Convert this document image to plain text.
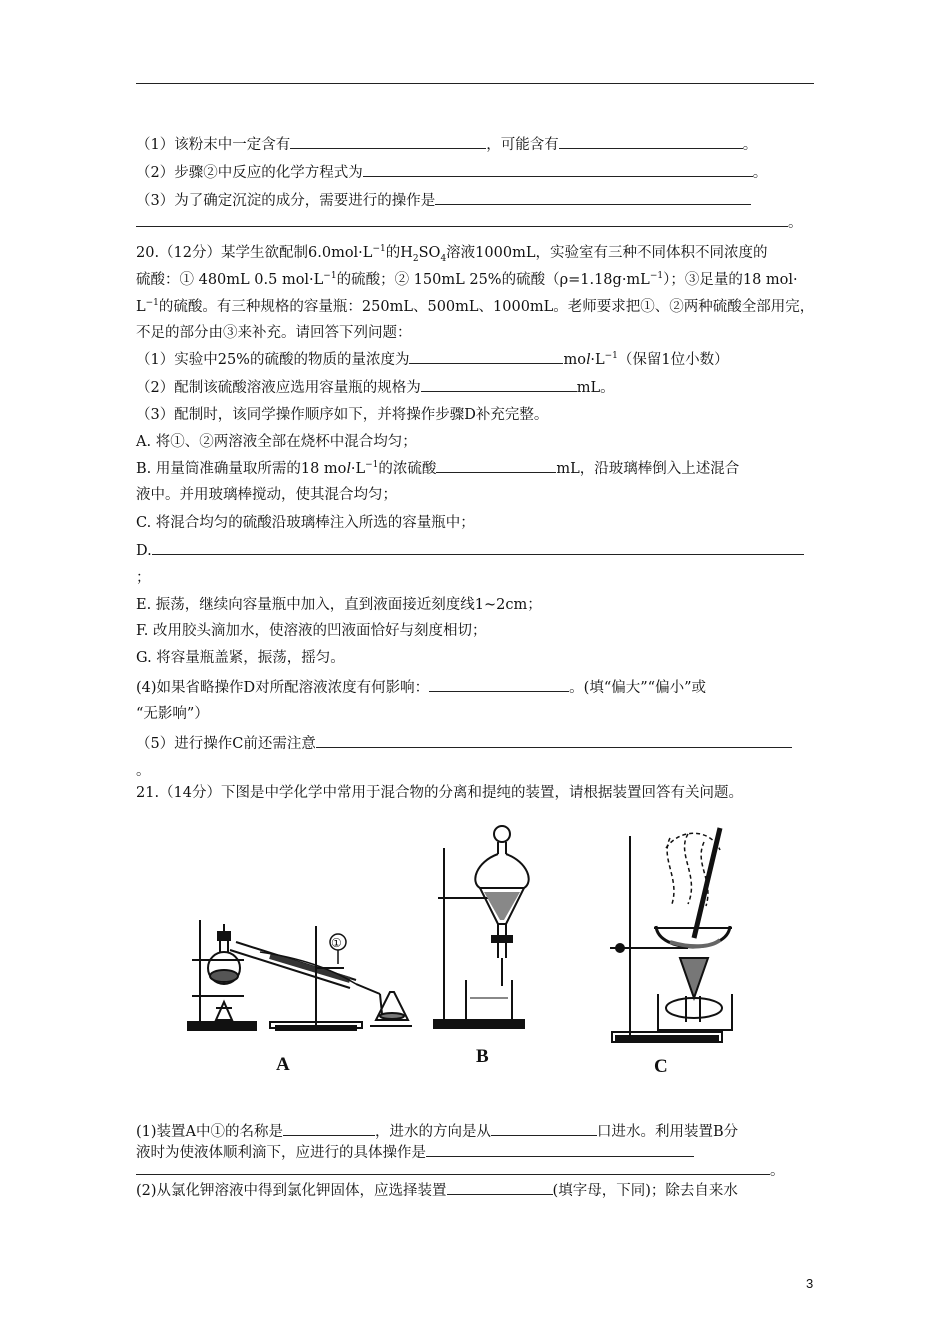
（1）该粉末中一定含有	，可能含有	。
（2）步骤②中反应的化学方程式为	。
（3）为了确定沉淀的成分，需要进行的操作是
。
20.（12分）某学生欲配制$6.0mol\cdot L^{-1}$的$H_2SO_4$溶液1000mL，实验室有三种不同体积不同浓度的
硫酸：① 480mL 0.5 $mol\cdot L^{-1}$的硫酸；② 150mL 25%的硫酸$(\rho=1.18g\cdot mL^{-1})$；③足量的18 mol·
$L^{-1}$的硫酸。有三种规格的容量瓶：250mL、500mL、1000mL。老师要求把①、②两种硫酸全部用完，
不足的部分由③来补充。请回答下列问题：
（1）实验中25%的硫酸的物质的量浓度为	$mol\cdot L^{-1}$（保留1位小数）
（2）配制该硫酸溶液应选用容量瓶的规格为	mL。
（3）配制时，该同学操作顺序如下，并将操作步骤D补充完整。
A. 将①、②两溶液全部在烧杯中混合均匀；
B. 用量筒准确量取所需的18 $mol\cdot L^{-1}$的浓硫酸	mL，沿玻璃棒倒入上述混合
液中。并用玻璃棒搅动，使其混合均匀；
C. 将混合均匀的硫酸沿玻璃棒注入所选的容量瓶中；
D.
；
E. 振荡，继续向容量瓶中加入，直到液面接近刻度线1~2cm；
F. 改用胶头滴加水，使溶液的凹液面恰好与刻度相切；
G. 将容量瓶盖紧，振荡，摇匀。
(4)如果省略操作D对所配溶液浓度有何影响：	。(填“偏大”“偏小”或
“无影响”）
（5）进行操作C前还需注意
。
21.（14分）下图是中学化学中常用于混合物的分离和提纯的装置，请根据装置回答有关问题。
A	B	C
①
(1)装置A中①的名称是	，进水的方向是从	口进水。利用装置B分
液时为使液体顺利滴下，应进行的具体操作是
。
(2)从氯化钾溶液中得到氯化钾固体，应选择装置	(填字母，下同)；除去自来水
3
